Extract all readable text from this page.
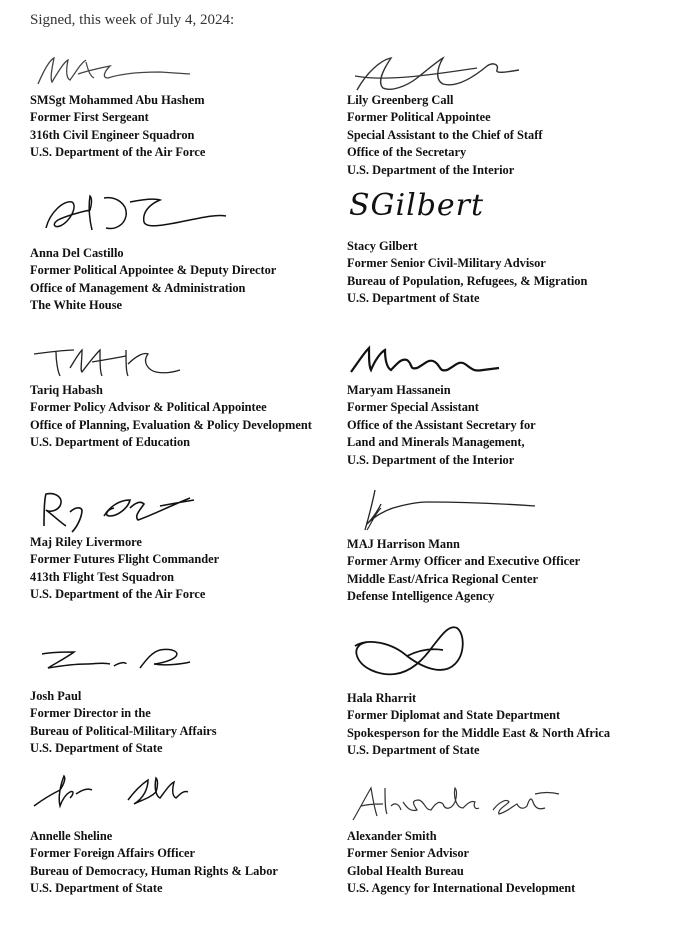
Signed, this week of July 4, 2024:
SMSgt Mohammed Abu Hashem
Former First Sergeant
316th Civil Engineer Squadron
U.S. Department of the Air Force
Lily Greenberg Call
Former Political Appointee
Special Assistant to the Chief of Staff
Office of the Secretary
U.S. Department of the Interior
Anna Del Castillo
Former Political Appointee & Deputy Director
Office of Management & Administration
The White House
SGilbert
Stacy Gilbert
Former Senior Civil-Military Advisor
Bureau of Population, Refugees, & Migration
U.S. Department of State
Tariq Habash
Former Policy Advisor & Political Appointee
Office of Planning, Evaluation & Policy Development
U.S. Department of Education
Maryam Hassanein
Former Special Assistant
Office of the Assistant Secretary for
Land and Minerals Management,
U.S. Department of the Interior
Maj Riley Livermore
Former Futures Flight Commander
413th Flight Test Squadron
U.S. Department of the Air Force
MAJ Harrison Mann
Former Army Officer and Executive Officer
Middle East/Africa Regional Center
Defense Intelligence Agency
Josh Paul
Former Director in the
Bureau of Political-Military Affairs
U.S. Department of State
Hala Rharrit
Former Diplomat and State Department
Spokesperson for the Middle East & North Africa
U.S. Department of State
Annelle Sheline
Former Foreign Affairs Officer
Bureau of Democracy, Human Rights & Labor
U.S. Department of State
Alexander Smith
Former Senior Advisor
Global Health Bureau
U.S. Agency for International Development
